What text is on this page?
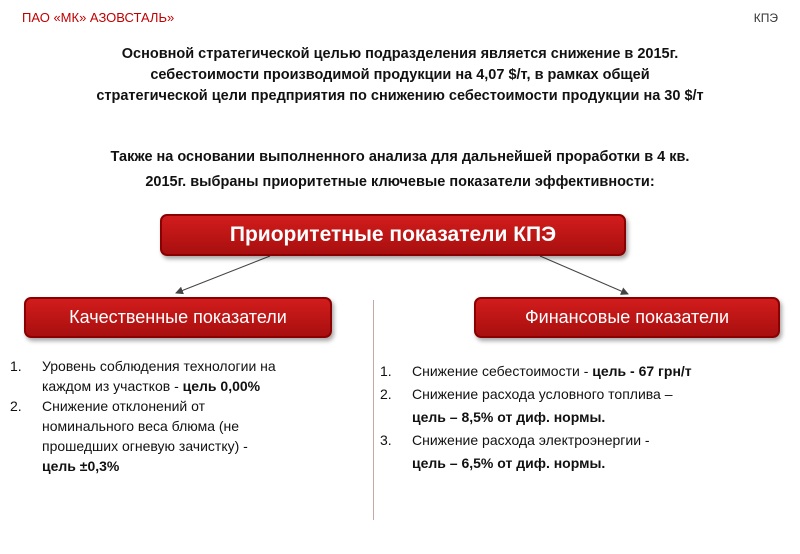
ПАО «МК» АЗОВСТАЛЬ»	КПЭ
Основной стратегической целью подразделения является снижение в 2015г.
себестоимости производимой продукции на 4,07 $/т, в рамках общей
стратегической цели предприятия по снижению себестоимости продукции на 30 $/т
Также на основании выполненного анализа для дальнейшей проработки в 4 кв.
2015г. выбраны приоритетные ключевые показатели эффективности:
Приоритетные показатели КПЭ
Качественные показатели	Финансовые показатели
1. Уровень соблюдения технологии на
каждом из участков - цель 0,00%
2. Снижение отклонений от
номинального веса блюма (не
прошедших огневую зачистку) -
цель ±0,3%
1. Снижение себестоимости - цель - 67 грн/т
2. Снижение расхода условного топлива –
цель – 8,5% от диф. нормы.
3. Снижение расхода электроэнергии -
цель – 6,5% от диф. нормы.
